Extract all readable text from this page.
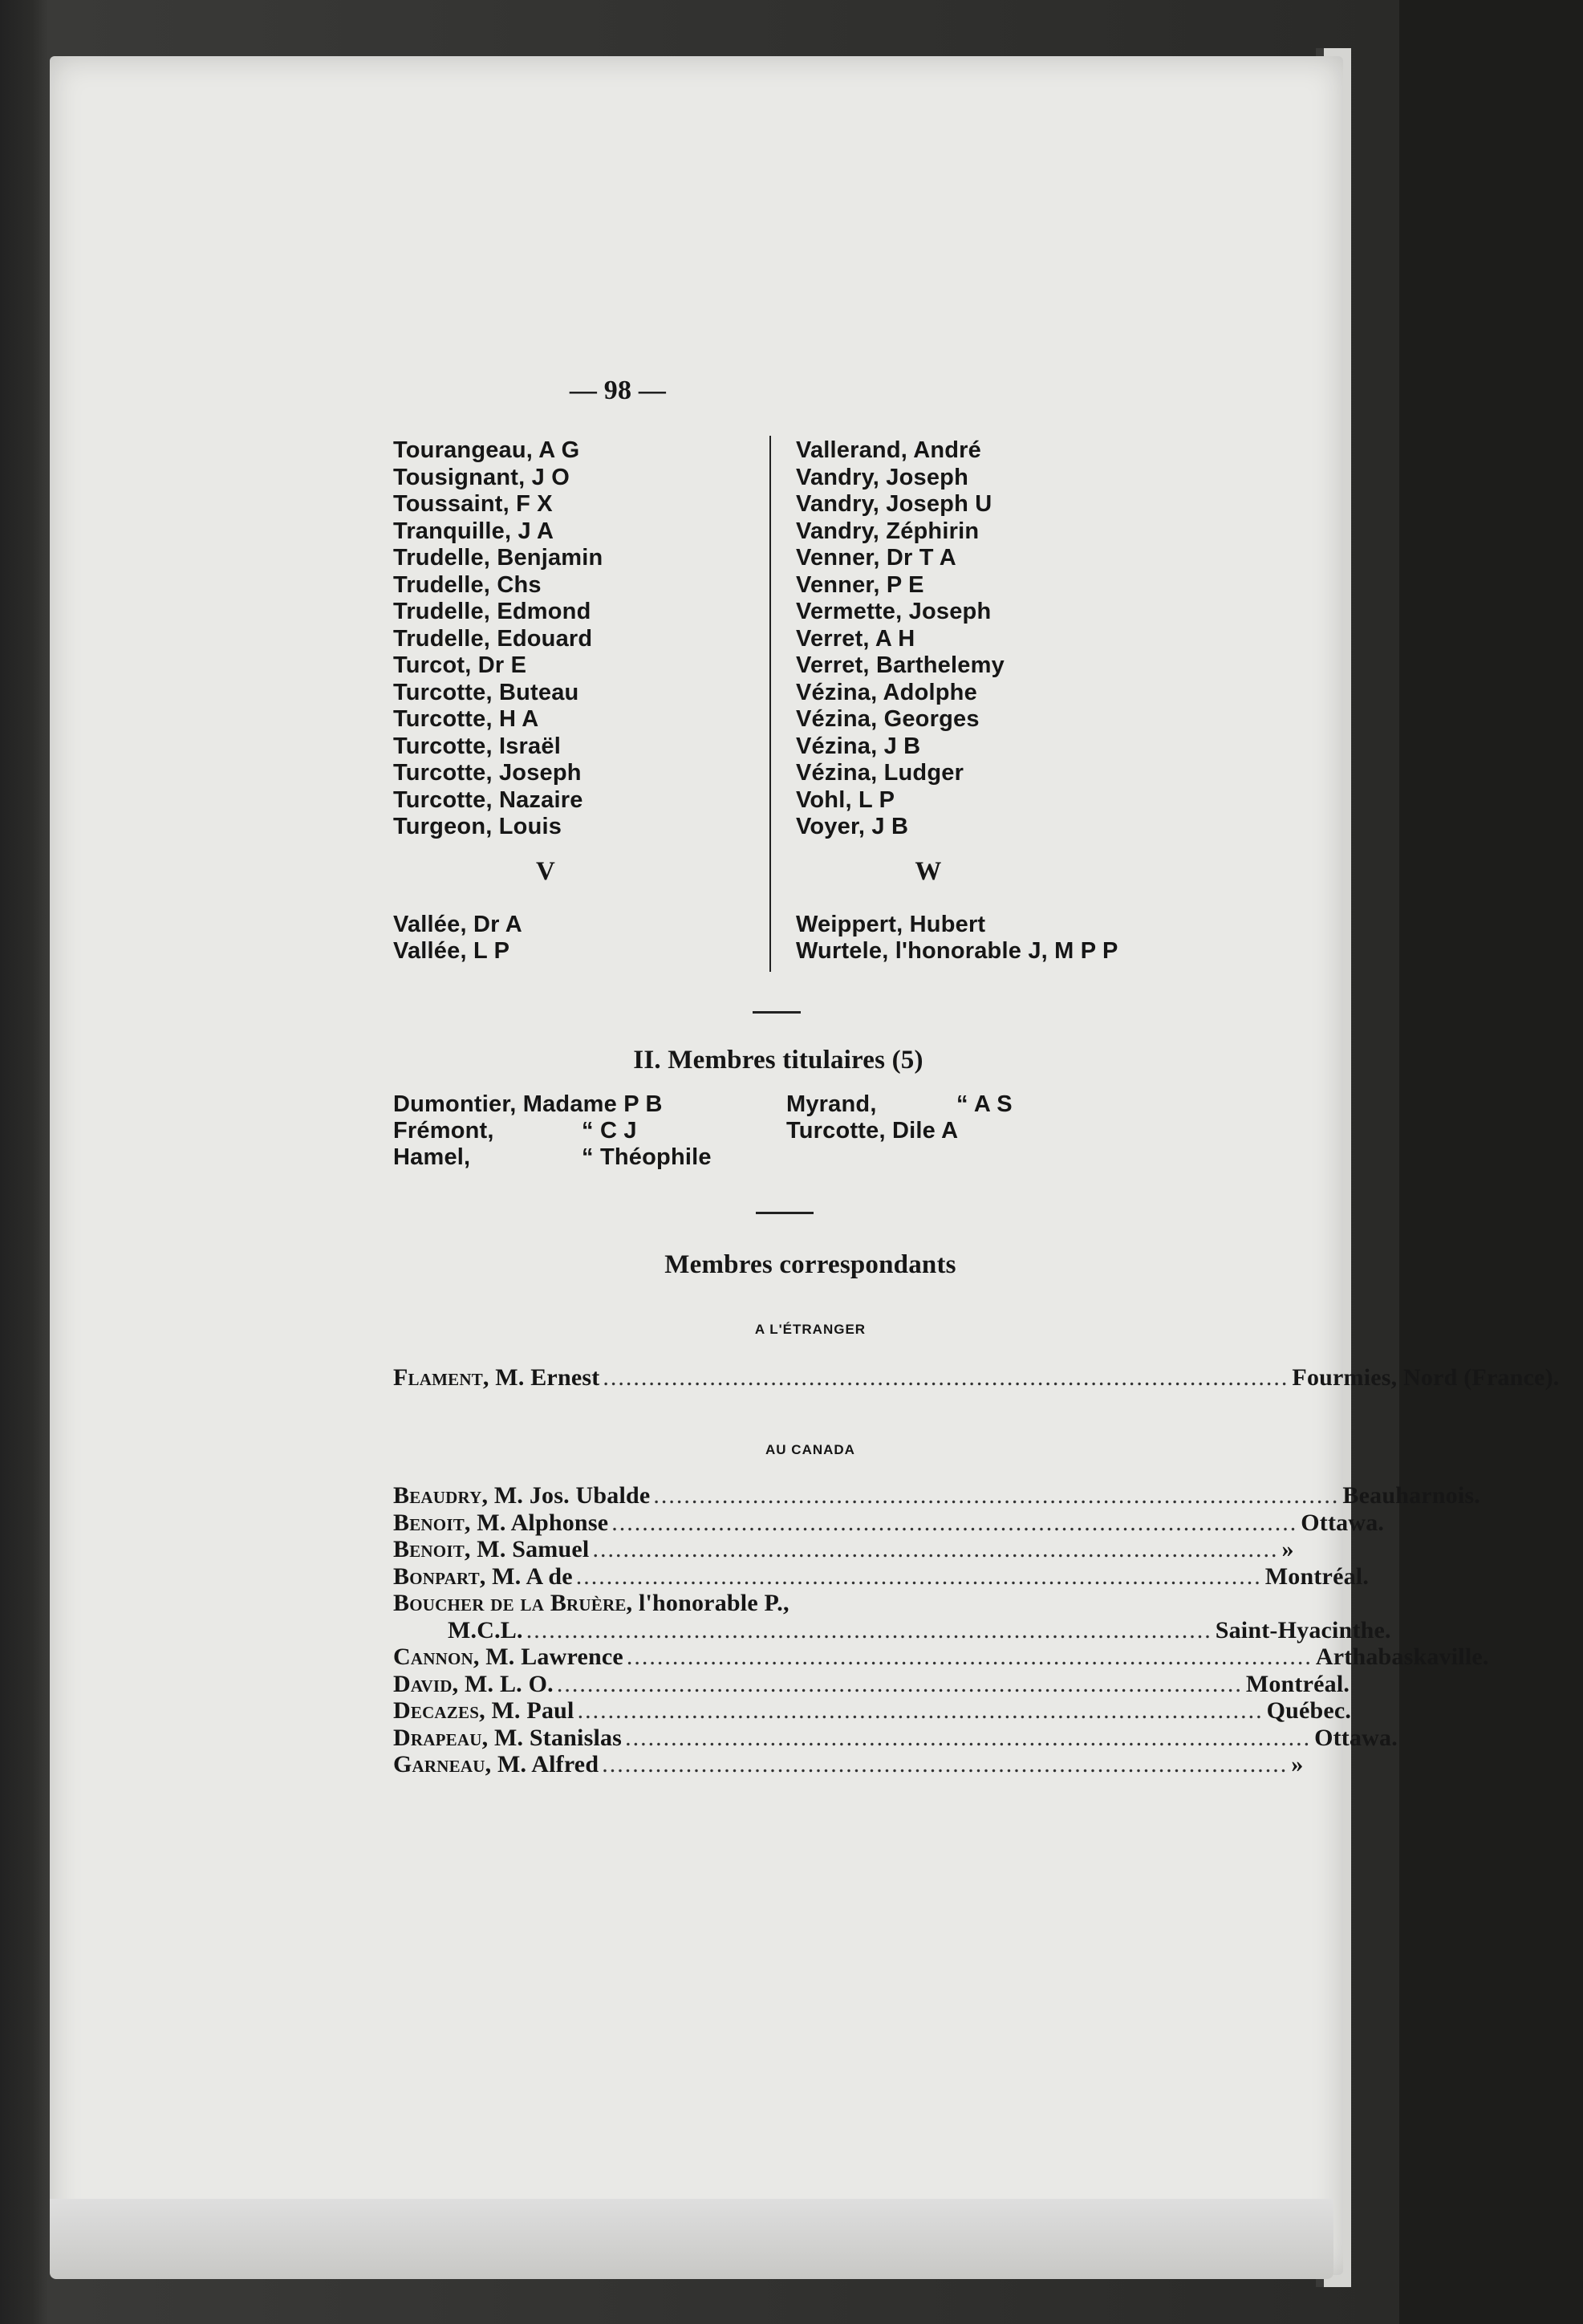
— 98 —
Tourangeau, A G
Tousignant, J O
Toussaint, F X
Tranquille, J A
Trudelle, Benjamin
Trudelle, Chs
Trudelle, Edmond
Trudelle, Edouard
Turcot, Dr E
Turcotte, Buteau
Turcotte, H A
Turcotte, Israël
Turcotte, Joseph
Turcotte, Nazaire
Turgeon, Louis
V
Vallée, Dr A
Vallée, L P
Vallerand, André
Vandry, Joseph
Vandry, Joseph U
Vandry, Zéphirin
Venner, Dr T A
Venner, P E
Vermette, Joseph
Verret, A H
Verret, Barthelemy
Vézina, Adolphe
Vézina, Georges
Vézina, J B
Vézina, Ludger
Vohl, L P
Voyer, J B
W
Weippert, Hubert
Wurtele, l'honorable J, M P P
II. Membres titulaires (5)
Dumontier, Madame P B
Frémont,	“ C J
Hamel,	“ Théophile
Myrand,	“ A S
Turcotte, Dile A
Membres correspondants
A L'ÉTRANGER
Flament, M. Ernest .......................................................................................... Fourmies, Nord (France).
AU CANADA
Beaudry, M. Jos. Ubalde .......................................................................................... Beauharnois.
Benoit, M. Alphonse .......................................................................................... Ottawa.
Benoit, M. Samuel .......................................................................................... »
Bonpart, M. A de .......................................................................................... Montréal.
Boucher de la Bruère, l'honorable P.,
M.C.L. .......................................................................................... Saint-Hyacinthe.
Cannon, M. Lawrence .......................................................................................... Arthabaskaville.
David, M. L. O. .......................................................................................... Montréal.
Decazes, M. Paul .......................................................................................... Québec.
Drapeau, M. Stanislas .......................................................................................... Ottawa.
Garneau, M. Alfred .......................................................................................... »
